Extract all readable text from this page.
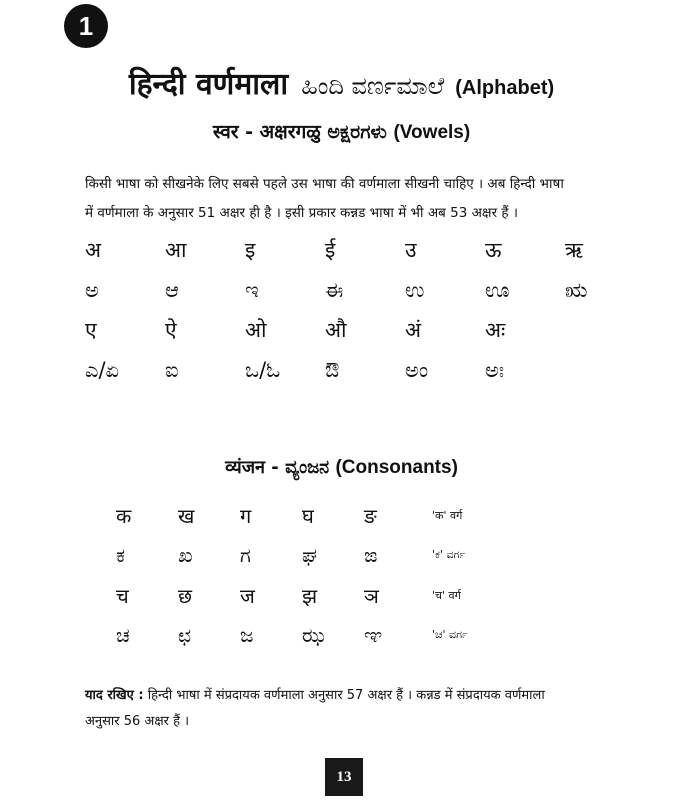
1
हिन्दी वर्णमाला ಹಿಂದಿ ವರ್ಣಮಾಲೆ (Alphabet)
स्वर - अक्षरगळु ಅಕ್ಷರಗಳು (Vowels)
किसी भाषा को सीखनेके लिए सबसे पहले उस भाषा की वर्णमाला सीखनी चाहिए । अब हिन्दी भाषा
में वर्णमाला के अनुसार 51 अक्षर ही है । इसी प्रकार कन्नड भाषा में भी अब 53 अक्षर हैं ।
अ	आ	इ	ई	उ	ऊ	ऋ
ಅ	ಆ	ಇ	ಈ	ಉ	ಊ	ಋ
ए	ऐ	ओ	औ	अं	अः
ಎ/ಏ	ಐ	ಒ/ಓ	ಔ	ಅಂ	ಅಃ
व्यंजन - ವ್ಯಂಜನ (Consonants)
क	ख	ग	घ	ङ	'क' वर्ग
ಕ	ಖ	ಗ	ಘ	ಙ	'ಕ' ವರ್ಗ
च	छ	ज	झ	ञ	'च' वर्ग
ಚ	ಛ	ಜ	ಝ	ಞ	'ಚ' ವರ್ಗ
याद रखिए : हिन्दी भाषा में संप्रदायक वर्णमाला अनुसार 57 अक्षर हैं । कन्नड में संप्रदायक वर्णमाला
अनुसार 56 अक्षर हैं ।
13
